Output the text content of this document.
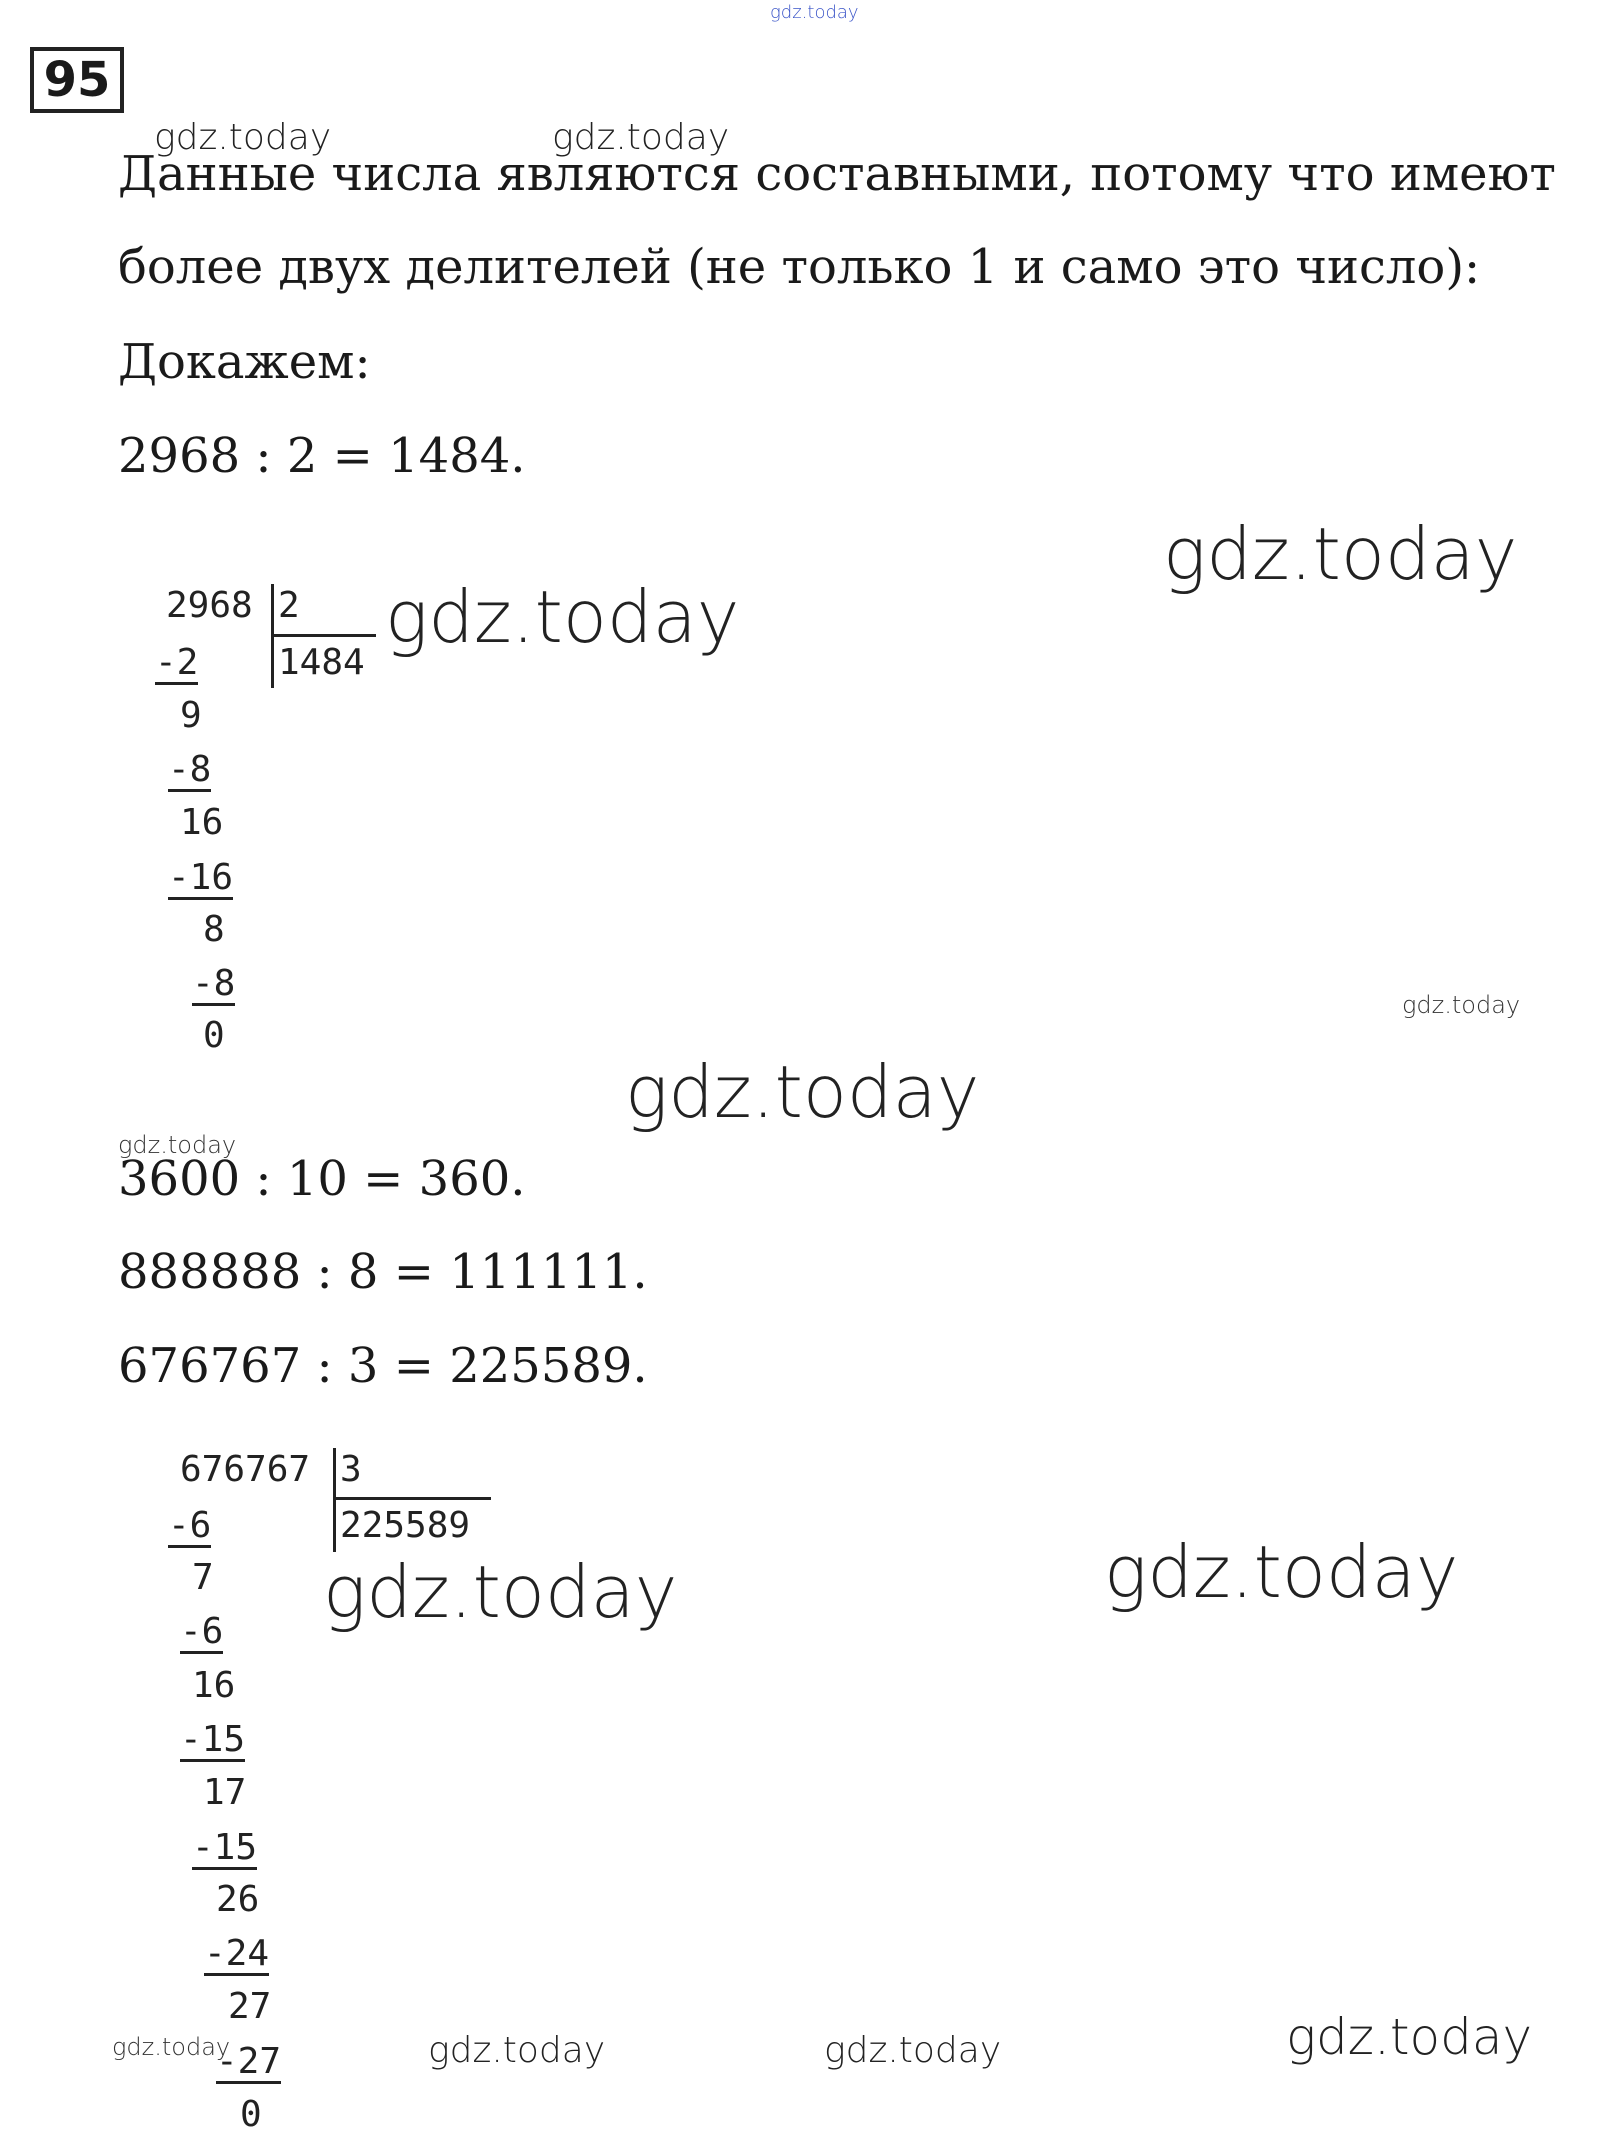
95
Данные числа являются составными, потому что имеют
более двух делителей (не только 1 и само это число):
Докажем:
2968 : 2 = 1484.
2968 2
1484
-2
9
-8
16
-16
8
-8
0
3600 : 10 = 360.
888888 : 8 = 111111.
676767 : 3 = 225589.
676767 3
225589
-6
7
-6
16
-15
17
-15
26
-24
27
-27
0
gdz.today
gdz.today	gdz.today
gdz.today
gdz.today
gdz.today
gdz.today
gdz.today
gdz.today
gdz.today
gdz.today	gdz.today	gdz.today	gdz.today
